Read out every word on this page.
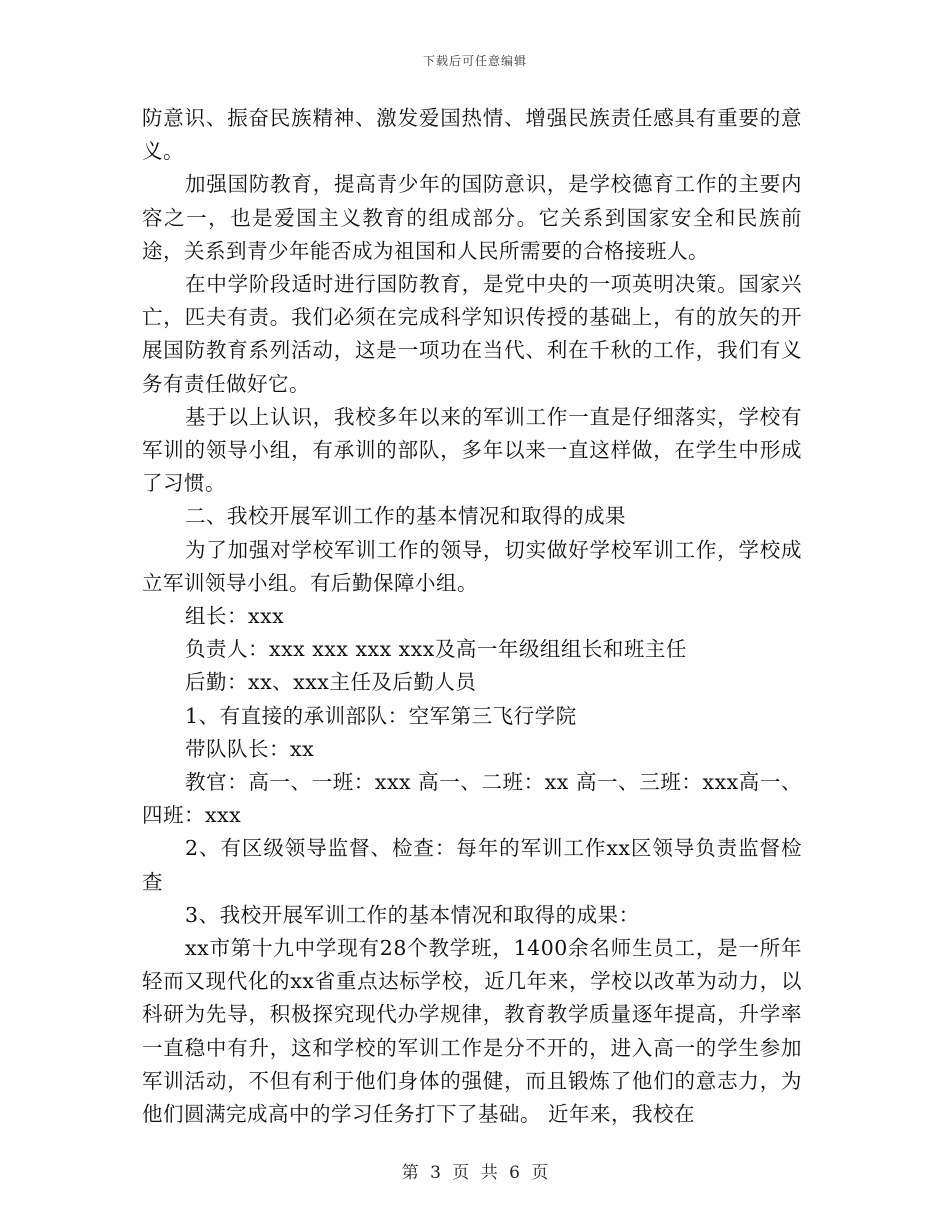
下载后可任意编辑

防意识、振奋民族精神、激发爱国热情、增强民族责任感具有重要的意义。

加强国防教育，提高青少年的国防意识，是学校德育工作的主要内容之一，也是爱国主义教育的组成部分。它关系到国家安全和民族前途，关系到青少年能否成为祖国和人民所需要的合格接班人。

在中学阶段适时进行国防教育，是党中央的一项英明决策。国家兴亡，匹夫有责。我们必须在完成科学知识传授的基础上，有的放矢的开展国防教育系列活动，这是一项功在当代、利在千秋的工作，我们有义务有责任做好它。

基于以上认识，我校多年以来的军训工作一直是仔细落实，学校有军训的领导小组，有承训的部队，多年以来一直这样做，在学生中形成了习惯。

二、我校开展军训工作的基本情况和取得的成果

为了加强对学校军训工作的领导，切实做好学校军训工作，学校成立军训领导小组。有后勤保障小组。

组长：xxx

负责人：xxx xxx xxx xxx及高一年级组组长和班主任

后勤：xx、xxx主任及后勤人员

1、有直接的承训部队：空军第三飞行学院

带队队长：xx

教官：高一、一班：xxx 高一、二班：xx 高一、三班：xxx高一、四班：xxx

2、有区级领导监督、检查：每年的军训工作xx区领导负责监督检查

3、我校开展军训工作的基本情况和取得的成果：

xx市第十九中学现有28个教学班，1400余名师生员工，是一所年轻而又现代化的xx省重点达标学校，近几年来，学校以改革为动力，以科研为先导，积极探究现代办学规律，教育教学质量逐年提高，升学率一直稳中有升，这和学校的军训工作是分不开的，进入高一的学生参加军训活动，不但有利于他们身体的强健，而且锻炼了他们的意志力，为他们圆满完成高中的学习任务打下了基础。 近年来，我校在

第 3 页 共 6 页
